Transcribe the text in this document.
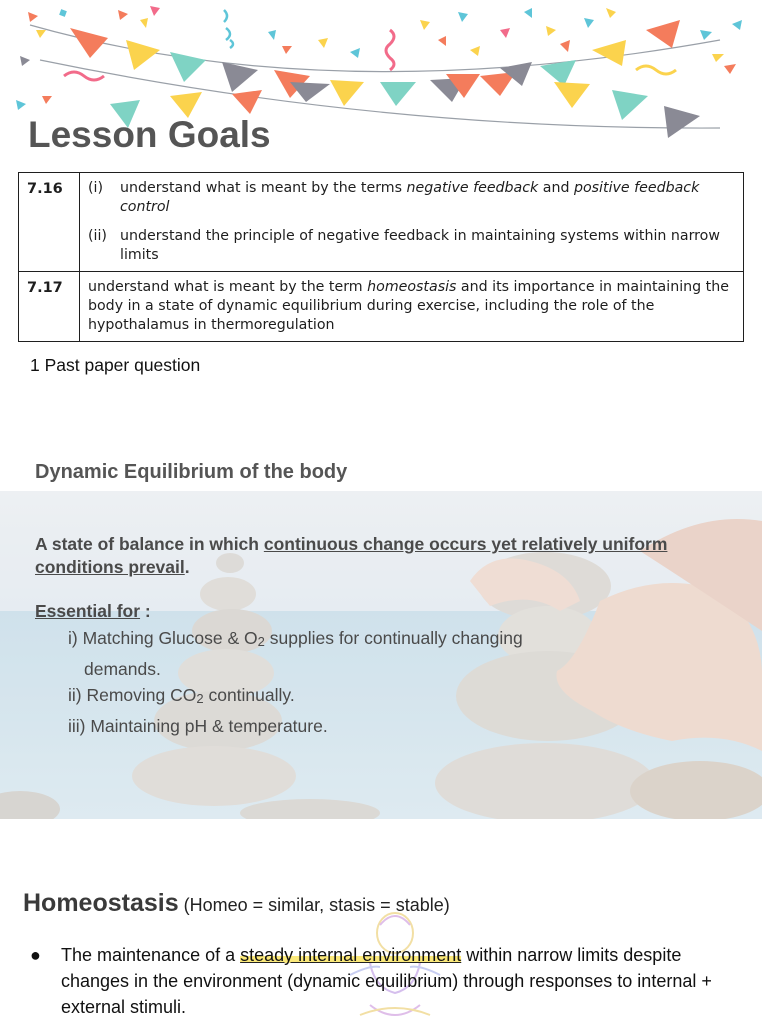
Lesson Goals
7.16	(i) understand what is meant by the terms negative feedback and positive feedback control
(ii) understand the principle of negative feedback in maintaining systems within narrow limits

7.17	understand what is meant by the term homeostasis and its importance in maintaining the body in a state of dynamic equilibrium during exercise, including the role of the hypothalamus in thermoregulation
1 Past paper question
Dynamic Equilibrium of the body
A state of balance in which continuous change occurs yet relatively uniform conditions prevail.
Essential for :
i) Matching Glucose & $O_2$ supplies for continually changing
demands.
ii) Removing $CO_2$ continually.
iii) Maintaining pH & temperature.
Homeostasis (Homeo = similar, stasis = stable)
● The maintenance of a steady internal environment within narrow limits despite changes in the environment (dynamic equilibrium) through responses to internal + external stimuli.
